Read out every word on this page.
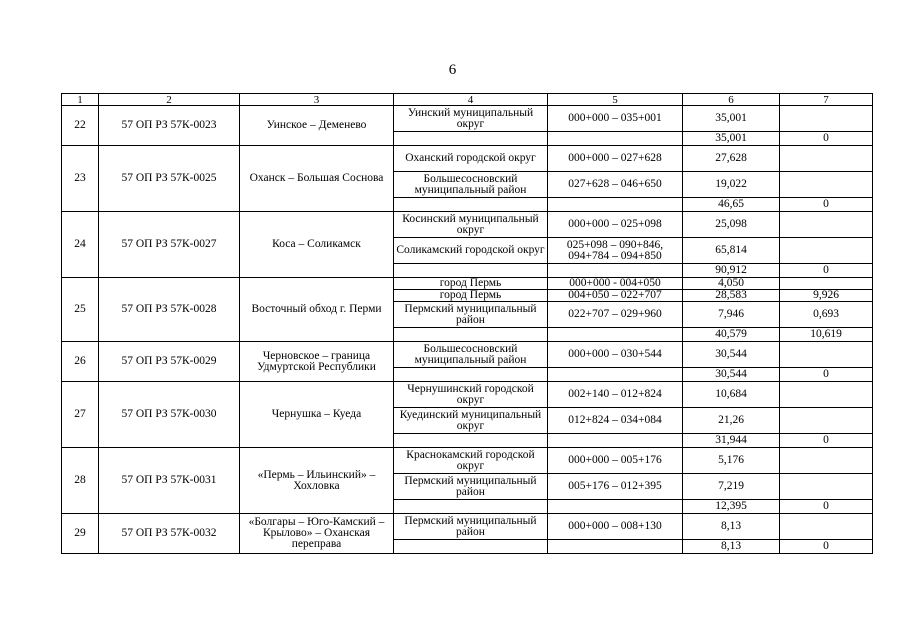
6
1	2	3	4	5	6	7
22	57 ОП РЗ 57К-0023	Уинское – Деменево	Уинский муниципальный округ	000+000 – 035+001	35,001	
					35,001	0
23	57 ОП РЗ 57К-0025	Оханск – Большая Соснова	Оханский городской округ	000+000 – 027+628	27,628	
			Большесосновский муниципальный район	027+628 – 046+650	19,022	
					46,65	0
24	57 ОП РЗ 57К-0027	Коса – Соликамск	Косинский муниципальный округ	000+000 – 025+098	25,098	
			Соликамский городской округ	025+098 – 090+846, 094+784 – 094+850	65,814	
					90,912	0
25	57 ОП РЗ 57К-0028	Восточный обход г. Перми	город Пермь	000+000 - 004+050	4,050	
			город Пермь	004+050 – 022+707	28,583	9,926
			Пермский муниципальный район	022+707 – 029+960	7,946	0,693
					40,579	10,619
26	57 ОП РЗ 57К-0029	Черновское – граница Удмуртской Республики	Большесосновский муниципальный район	000+000 – 030+544	30,544	
					30,544	0
27	57 ОП РЗ 57К-0030	Чернушка – Куеда	Чернушинский городской округ	002+140 – 012+824	10,684	
			Куединский муниципальный округ	012+824 – 034+084	21,26	
					31,944	0
28	57 ОП РЗ 57К-0031	«Пермь – Ильинский» – Хохловка	Краснокамский городской округ	000+000 – 005+176	5,176	
			Пермский муниципальный район	005+176 – 012+395	7,219	
					12,395	0
29	57 ОП РЗ 57К-0032	«Болгары – Юго-Камский – Крылово» – Оханская переправа	Пермский муниципальный район	000+000 – 008+130	8,13	
					8,13	0
